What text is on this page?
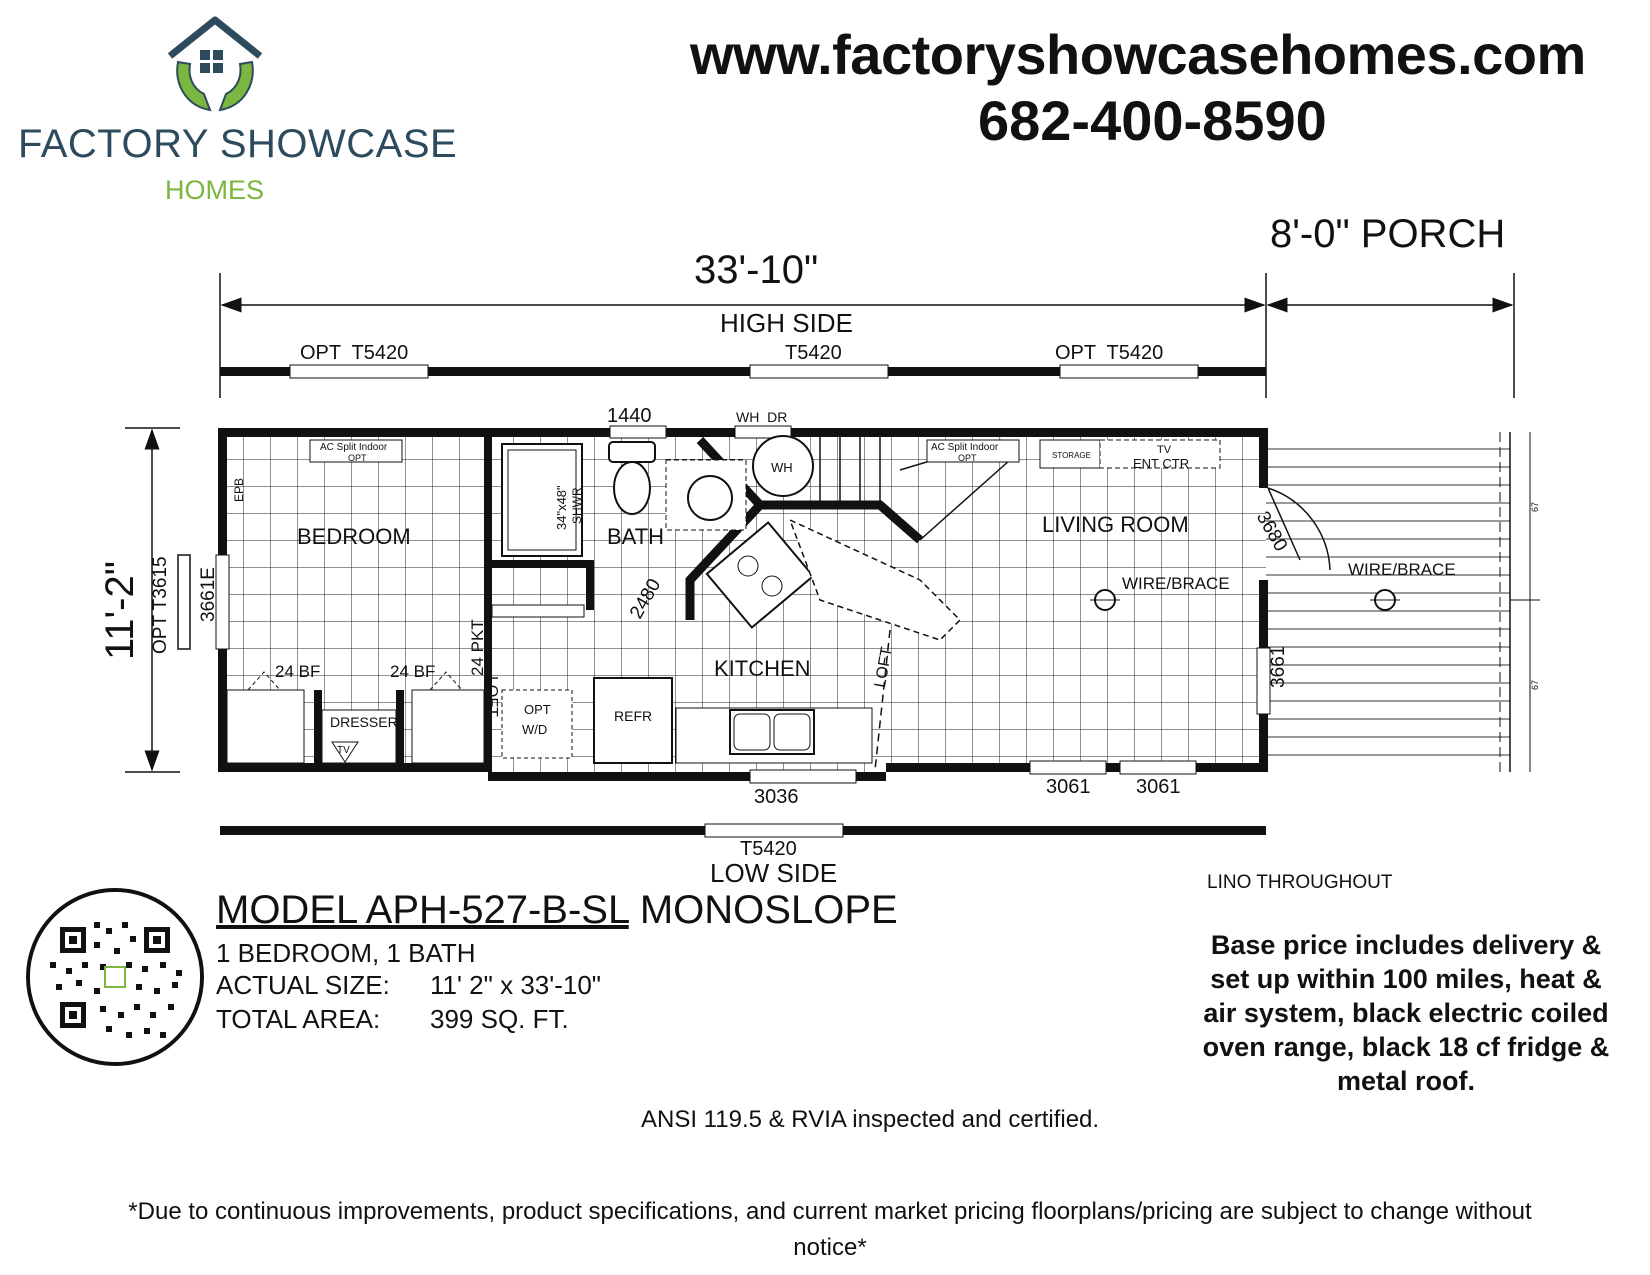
FACTORY SHOWCASE
HOMES
www.factoryshowcasehomes.com
682-400-8590
33'-10"
8'-0" PORCH
HIGH SIDE
LOW SIDE
11'-2"
OPT  T5420	T5420	OPT  T5420
1440	WH  DR
3036	3061 3061
T5420
3661E
OPT T3615
3661
3680
2480
BEDROOM	BATH
KITCHEN
LIVING ROOM
AC Split Indoor
OPT
AC Split Indoor
OPT	STORAGE	TV
ENT CTR
WIRE/BRACE
WIRE/BRACE
34"x48" SHWR
WH
EPB
24 BF	24 BF
DRESSER
TV
24 PKT
LOFT
LOFT
OPT
W/D
REFR
67
67
MODEL APH-527-B-SL MONOSLOPE
1 BEDROOM, 1 BATH
ACTUAL SIZE: 11' 2" x 33'-10"
TOTAL AREA: 399 SQ. FT.
LINO THROUGHOUT
Base price includes delivery & set up within 100 miles, heat & air system, black electric coiled oven range, black 18 cf fridge & metal roof.
ANSI 119.5 & RVIA inspected and certified.
*Due to continuous improvements, product specifications, and current market pricing floorplans/pricing are subject to change without notice*
